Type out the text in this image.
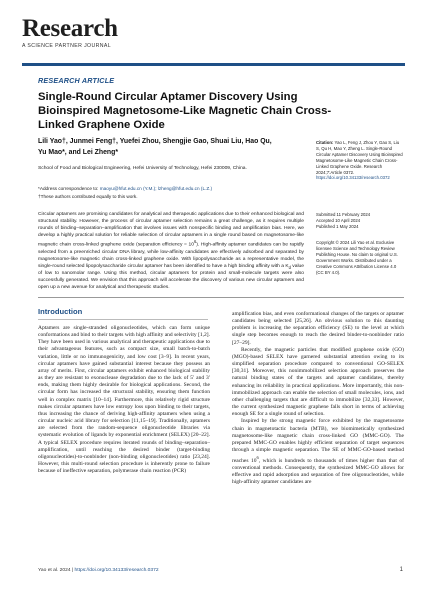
Research
A SCIENCE PARTNER JOURNAL
RESEARCH ARTICLE
Single-Round Circular Aptamer Discovery Using Bioinspired Magnetosome-Like Magnetic Chain Cross-Linked Graphene Oxide
Lili Yao†, Junmei Feng†, Yuefei Zhou, Shengjie Gao, Shuai Liu, Hao Qu,
Yu Mao*, and Lei Zheng*
School of Food and Biological Engineering, Hefei University of Technology, Hefei 230009, China.
*Address correspondence to: maoyu@hfut.edu.cn (Y.M.); lzheng@hfut.edu.cn (L.Z.)
†These authors contributed equally to this work.
Citation: Yao L, Feng J, Zhou Y, Gao S, Liu S, Qu H, Mao Y, Zheng L. Single-Round Circular Aptamer Discovery Using Bioinspired Magnetosome-Like Magnetic Chain Cross-Linked Graphene Oxide. Research 2024;7:Article 0372. https://doi.org/10.34133/research.0372
Submitted 11 February 2024
Accepted 10 April 2024
Published 1 May 2024
Copyright © 2024 Lili Yao et al. Exclusive licensee Science and Technology Review Publishing House. No claim to original U.S. Government Works. Distributed under a Creative Commons Attribution License 4.0 (CC BY 4.0).
Circular aptamers are promising candidates for analytical and therapeutic applications due to their enhanced biological and structural stability. However, the process of circular aptamer selection remains a great challenge, as it requires multiple rounds of binding–separation–amplification that involves issues with nonspecific binding and amplification bias. Here, we develop a highly practical solution for reliable selection of circular aptamers in a single round based on magnetosome-like magnetic chain cross-linked graphene oxide (separation efficiency = $10^6$). High-affinity aptamer candidates can be rapidly selected from a preenriched circular DNA library, while low-affinity candidates are effectively adsorbed and separated by magnetosome-like magnetic chain cross-linked graphene oxide. With lipopolysaccharide as a representative model, the single-round selected lipopolysaccharide circular aptamer has been identified to have a high binding affinity with a $K_d$ value of low to nanomolar range. Using this method, circular aptamers for protein and small-molecule targets were also successfully generated. We envision that this approach will accelerate the discovery of various new circular aptamers and open up a new avenue for analytical and therapeutic studies.
Introduction

Aptamers are single-stranded oligonucleotides, which can form unique conformations and bind to their targets with high affinity and selectivity [1,2]. They have been used in various analytical and therapeutic applications due to their advantageous features, such as compact size, small batch-to-batch variation, little or no immunogenicity, and low cost [3–9]. In recent years, circular aptamers have gained substantial interest because they possess an array of merits. First, circular aptamers exhibit enhanced biological stability as they are resistant to exonuclease degradation due to the lack of 5′ and 3′ ends, making them highly desirable for biological applications. Second, the circular form has increased the structural stability, ensuring them function well in complex matrix [10–14]. Furthermore, this relatively rigid structure makes circular aptamers have low entropy loss upon binding to their targets, thus increasing the chance of deriving high-affinity aptamers when using a circular nucleic acid library for selection [11,15–19]. Traditionally, aptamers are selected from the random-sequence oligonucleotide libraries via systematic evolution of ligands by exponential enrichment (SELEX) [20–22]. A typical SELEX procedure requires iterated rounds of binding–separation–amplification, until reaching the desired binder (target-binding oligonucleotides)-to-nonbinder (non-binding oligonucleotides) ratio [23,24]. However, this multi-round selection procedure is inherently prone to failure because of ineffective separation, polymerase chain reaction (PCR)

amplification bias, and even conformational changes of the targets or aptamer candidates being selected [25,26]. An obvious solution to this daunting problem is increasing the separation efficiency (SE) to the level at which single step becomes enough to reach the desired binder-to-nonbinder ratio [27–29].

Recently, the magnetic particles that modified graphene oxide (GO) (MGO)-based SELEX have garnered substantial attention owing to its simplified separation procedure compared to conventional GO-SELEX [30,31]. Moreover, this nonimmobilized selection approach preserves the natural binding states of the targets and aptamer candidates, thereby enhancing its reliability in practical applications. More importantly, this non-immobilized approach can enable the selection of small molecules, ions, and other challenging targets that are difficult to immobilize [32,33]. However, the current synthesized magnetic graphene falls short in terms of achieving enough SE for a single round of selection.

Inspired by the strong magnetic force exhibited by the magnetosome chain in magnetotactic bacteria (MTB), we biomimetically synthesized magnetosome-like magnetic chain cross-linked GO (MMC-GO). The prepared MMC-GO enables highly efficient separation of target sequences through a simple magnetic separation. The SE of MMC-GO-based method reaches $10^6$, which is hundreds to thousands of times higher than that of conventional methods. Consequently, the synthesized MMC-GO allows for effective and rapid adsorption and separation of free oligonucleotides, while high-affinity aptamer candidates are

Yao et al. 2024 | https://doi.org/10.34133/research.0372	1
